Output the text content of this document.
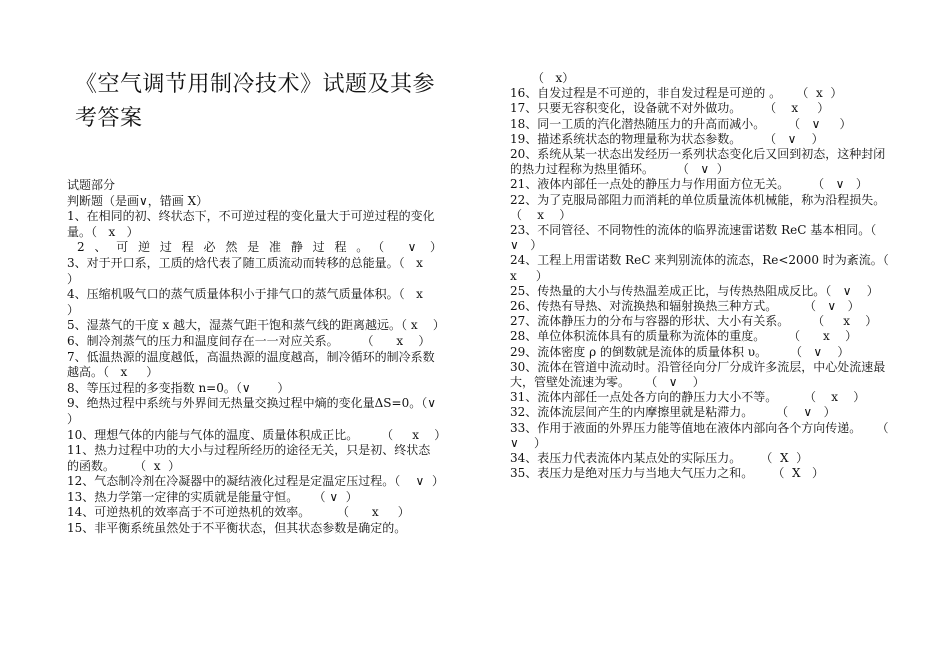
《空气调节用制冷技术》试题及其参考答案
试题部分
判断题（是画∨，错画 X）
1、在相同的初、终状态下，不可逆过程的变化量大于可逆过程的变化量。（   x   ）
2、可逆过程必然是准静过程。（ ∨ ）
3、对于开口系，工质的焓代表了随工质流动而转移的总能量。（   x    ）
4、压缩机吸气口的蒸气质量体积小于排气口的蒸气质量体积。（   x    ）
5、湿蒸气的干度 x 越大，湿蒸气距干饱和蒸气线的距离越远。（ x    ）
6、制冷剂蒸气的压力和温度间存在一一对应关系。      （      x    ）
7、低温热源的温度越低，高温热源的温度越高，制冷循环的制冷系数越高。（   x     ）
8、等压过程的多变指数 n=0。（∨       ）
9、绝热过程中系统与外界间无热量交换过程中熵的变化量ΔS=0。（∨   ）
10、理想气体的内能与气体的温度、质量体积成正比。      （     x    ）
11、热力过程中功的大小与过程所经历的途径无关，只是初、终状态的函数。     （  x  ）
12、气态制冷剂在冷凝器中的凝结液化过程是定温定压过程。（    ∨  ）
13、热力学第一定律的实质就是能量守恒。    （ ∨  ）
14、可逆热机的效率高于不可逆热机的效率。       （      x     ）
15、非平衡系统虽然处于不平衡状态，但其状态参数是确定的。
（   x）
16、自发过程是不可逆的，非自发过程是可逆的 。    （  x  ）
17、只要无容积变化，设备就不对外做功。      （    x     ）
18、同一工质的汽化潜热随压力的升高而减小。      （   ∨     ）
19、描述系统状态的物理量称为状态参数。      （   ∨    ）
20、系统从某一状态出发经历一系列状态变化后又回到初态，这种封闭的热力过程称为热里循环。      （   ∨  ）
21、液体内部任一点处的静压力与作用面方位无关。      （   ∨   ）
22、为了克服局部阻力而消耗的单位质量流体机械能，称为沿程损失。       （    x    ）
23、不同管径、不同物性的流体的临界流速雷诺数 ReC 基本相同。（   ∨   ）
24、工程上用雷诺数 ReC 来判别流体的流态，Re<2000 时为紊流。（   x     ）
25、传热量的大小与传热温差成正比，与传热热阻成反比。（   ∨    ）
26、传热有导热、对流换热和辐射换热三种方式。       （   ∨   ）
27、流体静压力的分布与容器的形状、大小有关系。      （     x    ）
28、单位体积流体具有的质量称为流体的重度。      （      x    ）
29、流体密度 ρ 的倒数就是流体的质量体积 υ。      （   ∨    ）
30、流体在管道中流动时。沿管径向分厂分成许多流层，中心处流速最大，管壁处流速为零。    （   ∨    ）
31、流体内部任一点处各方向的静压力大小不等。       （    x    ）
32、流体流层间产生的内摩擦里就是粘滞力。      （    ∨   ）
33、作用于液面的外界压力能等值地在液体内部向各个方向传递。    （   ∨    ）
34、表压力代表流体内某点处的实际压力。     （  X  ）
35、表压力是绝对压力与当地大气压力之和。     （  X   ）
